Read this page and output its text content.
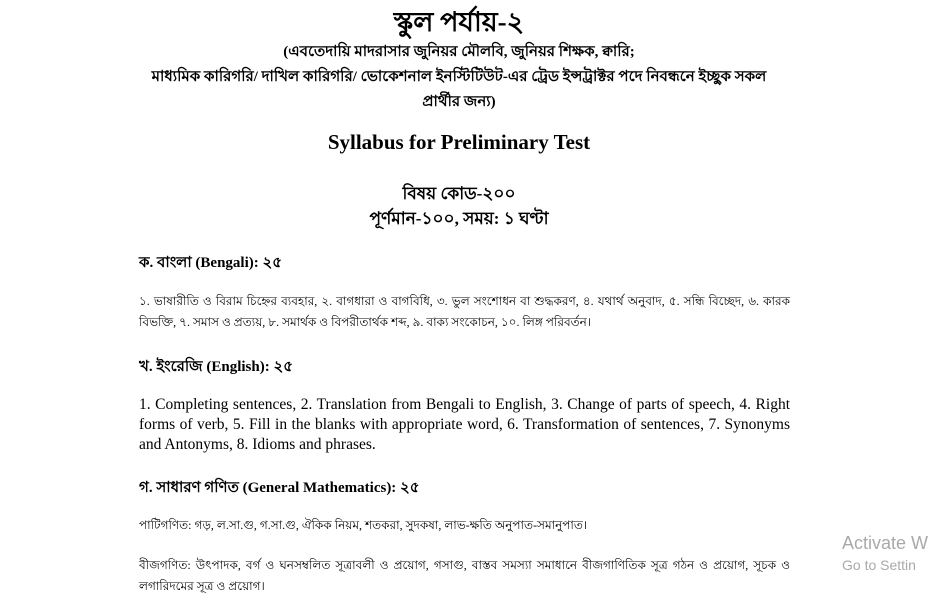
স্কুল পর্যায়-২
(এবতেদায়ি মাদরাসার জুনিয়র মৌলবি, জুনিয়র শিক্ষক, ক্বারি;
মাধ্যমিক কারিগরি/ দাখিল কারিগরি/ ভোকেশনাল ইনস্টিটিউট-এর ট্রেড ইন্সট্রাক্টর পদে নিবন্ধনে ইচ্ছুক সকল
প্রার্থীর জন্য)
Syllabus for Preliminary Test
বিষয় কোড-২০০
পূর্ণমান-১০০, সময়: ১ ঘণ্টা
ক. বাংলা (Bengali): ২৫
১. ভাষারীতি ও বিরাম চিহ্নের ব্যবহার, ২. বাগধারা ও বাগবিধি, ৩. ভুল সংশোধন বা শুদ্ধকরণ, ৪. যথার্থ অনুবাদ, ৫. সন্ধি বিচ্ছেদ, ৬. কারক বিভক্তি, ৭. সমাস ও প্রত্যয়, ৮. সমার্থক ও বিপরীতার্থক শব্দ, ৯. বাক্য সংকোচন, ১০. লিঙ্গ পরিবর্তন।
খ. ইংরেজি (English): ২৫
1. Completing sentences, 2. Translation from Bengali to English, 3. Change of parts of speech, 4. Right forms of verb, 5. Fill in the blanks with appropriate word, 6. Transformation of sentences, 7. Synonyms and Antonyms, 8. Idioms and phrases.
গ. সাধারণ গণিত (General Mathematics): ২৫
পাটিগণিত: গড়, ল.সা.গু, গ.সা.গু, ঐকিক নিয়ম, শতকরা, সুদকষা, লাভ-ক্ষতি অনুপাত-সমানুপাত।
বীজগণিত: উৎপাদক, বর্গ ও ঘনসম্বলিত সূত্রাবলী ও প্রয়োগ, গসাগু, বাস্তব সমস্যা সমাধানে বীজগাণিতিক সূত্র গঠন ও প্রয়োগ, সূচক ও লগারিদমের সূত্র ও প্রয়োগ।
Activate W
Go to Settin
